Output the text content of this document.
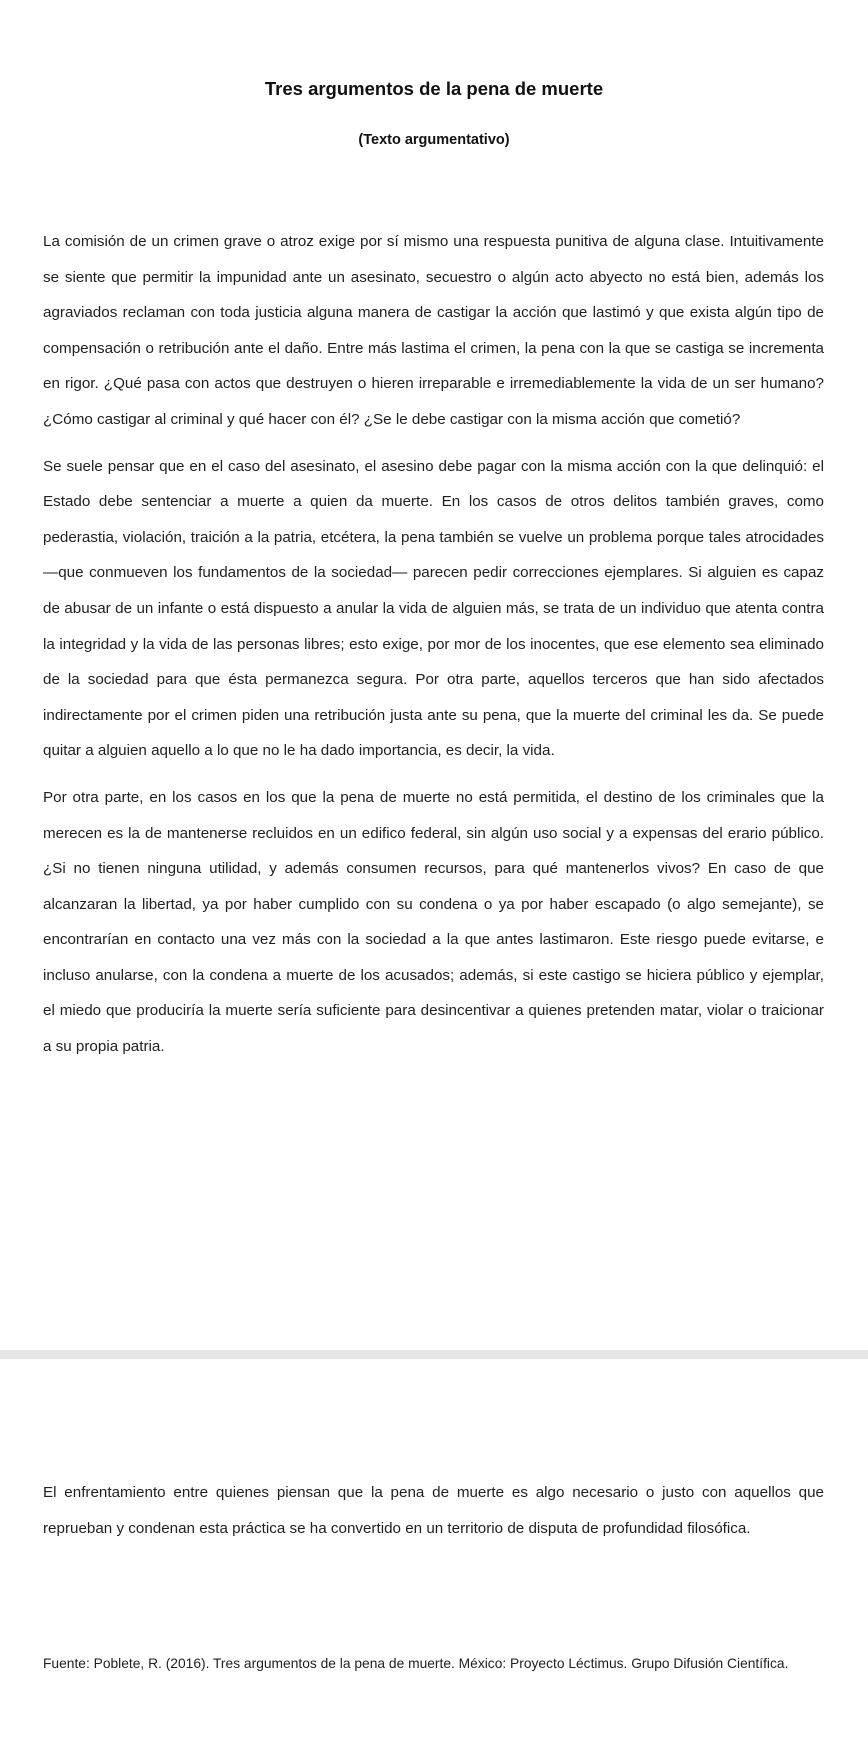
Tres argumentos de la pena de muerte
(Texto argumentativo)

La comisión de un crimen grave o atroz exige por sí mismo una respuesta punitiva de alguna clase. Intuitivamente se siente que permitir la impunidad ante un asesinato, secuestro o algún acto abyecto no está bien, además los agraviados reclaman con toda justicia alguna manera de castigar la acción que lastimó y que exista algún tipo de compensación o retribución ante el daño. Entre más lastima el crimen, la pena con la que se castiga se incrementa en rigor. ¿Qué pasa con actos que destruyen o hieren irreparable e irremediablemente la vida de un ser humano? ¿Cómo castigar al criminal y qué hacer con él? ¿Se le debe castigar con la misma acción que cometió?

Se suele pensar que en el caso del asesinato, el asesino debe pagar con la misma acción con la que delinquió: el Estado debe sentenciar a muerte a quien da muerte. En los casos de otros delitos también graves, como pederastia, violación, traición a la patria, etcétera, la pena también se vuelve un problema porque tales atrocidades —que conmueven los fundamentos de la sociedad— parecen pedir correcciones ejemplares. Si alguien es capaz de abusar de un infante o está dispuesto a anular la vida de alguien más, se trata de un individuo que atenta contra la integridad y la vida de las personas libres; esto exige, por mor de los inocentes, que ese elemento sea eliminado de la sociedad para que ésta permanezca segura. Por otra parte, aquellos terceros que han sido afectados indirectamente por el crimen piden una retribución justa ante su pena, que la muerte del criminal les da. Se puede quitar a alguien aquello a lo que no le ha dado importancia, es decir, la vida.

Por otra parte, en los casos en los que la pena de muerte no está permitida, el destino de los criminales que la merecen es la de mantenerse recluidos en un edifico federal, sin algún uso social y a expensas del erario público. ¿Si no tienen ninguna utilidad, y además consumen recursos, para qué mantenerlos vivos? En caso de que alcanzaran la libertad, ya por haber cumplido con su condena o ya por haber escapado (o algo semejante), se encontrarían en contacto una vez más con la sociedad a la que antes lastimaron. Este riesgo puede evitarse, e incluso anularse, con la condena a muerte de los acusados; además, si este castigo se hiciera público y ejemplar, el miedo que produciría la muerte sería suficiente para desincentivar a quienes pretenden matar, violar o traicionar a su propia patria.

El enfrentamiento entre quienes piensan que la pena de muerte es algo necesario o justo con aquellos que reprueban y condenan esta práctica se ha convertido en un territorio de disputa de profundidad filosófica.

Fuente: Poblete, R. (2016). Tres argumentos de la pena de muerte. México: Proyecto Léctimus. Grupo Difusión Científica.
